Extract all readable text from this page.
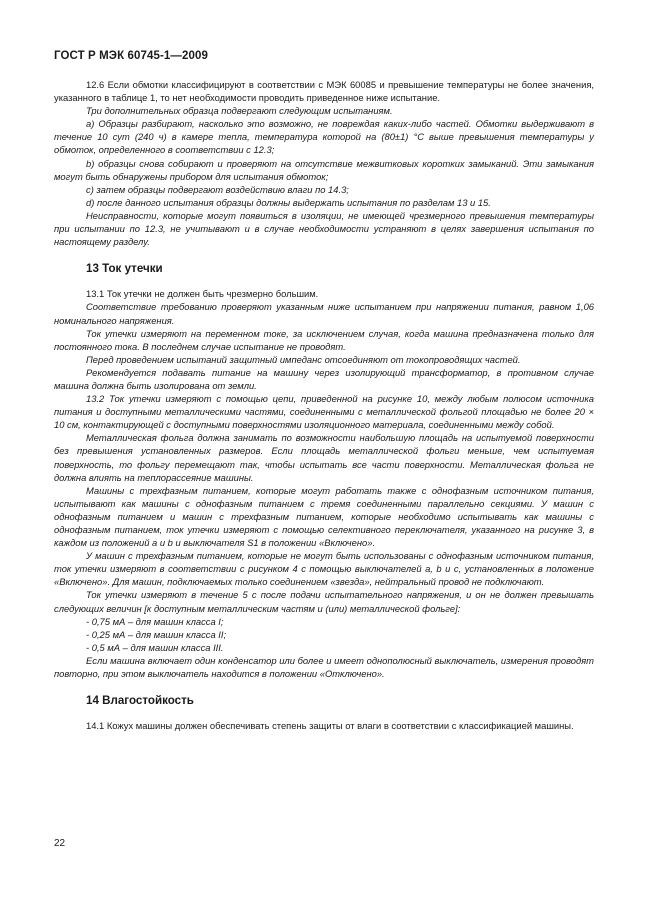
ГОСТ Р МЭК 60745-1—2009

12.6 Если обмотки классифицируют в соответствии с МЭК 60085 и превышение температуры не более значения, указанного в таблице 1, то нет необходимости проводить приведенное ниже испытание.

Три дополнительных образца подвергают следующим испытаниям.

а) Образцы разбирают, насколько это возможно, не повреждая каких-либо частей. Обмотки выдерживают в течение 10 сут (240 ч) в камере тепла, температура которой на (80±1) °С выше превышения температуры у обмоток, определенного в соответствии с 12.3;

b) образцы снова собирают и проверяют на отсутствие межвитковых коротких замыканий. Эти замыкания могут быть обнаружены прибором для испытания обмоток;

с) затем образцы подвергают воздействию влаги по 14.3;

d) после данного испытания образцы должны выдержать испытания по разделам 13 и 15.

Неисправности, которые могут появиться в изоляции, не имеющей чрезмерного превышения температуры при испытании по 12.3, не учитывают и в случае необходимости устраняют в целях завершения испытания по настоящему разделу.

13 Ток утечки

13.1 Ток утечки не должен быть чрезмерно большим.

Соответствие требованию проверяют указанным ниже испытанием при напряжении питания, равном 1,06 номинального напряжения.

Ток утечки измеряют на переменном токе, за исключением случая, когда машина предназначена только для постоянного тока. В последнем случае испытание не проводят.

Перед проведением испытаний защитный импеданс отсоединяют от токопроводящих частей.

Рекомендуется подавать питание на машину через изолирующий трансформатор, в противном случае машина должна быть изолирована от земли.

13.2 Ток утечки измеряют с помощью цепи, приведенной на рисунке 10, между любым полюсом источника питания и доступными металлическими частями, соединенными с металлической фольгой площадью не более 20 × 10 см, контактирующей с доступными поверхностями изоляционного материала, соединенными между собой.

Металлическая фольга должна занимать по возможности наибольшую площадь на испытуемой поверхности без превышения установленных размеров. Если площадь металлической фольги меньше, чем испытуемая поверхность, то фольгу перемещают так, чтобы испытать все части поверхности. Металлическая фольга не должна влиять на теплорассеяние машины.

Машины с трехфазным питанием, которые могут работать также с однофазным источником питания, испытывают как машины с однофазным питанием с тремя соединенными параллельно секциями. У машин с однофазным питанием и машин с трехфазным питанием, которые необходимо испытывать как машины с однофазным питанием, ток утечки измеряют с помощью селективного переключателя, указанного на рисунке 3, в каждом из положений а и b и выключателя S1 в положении «Включено».

У машин с трехфазным питанием, которые не могут быть использованы с однофазным источником питания, ток утечки измеряют в соответствии с рисунком 4 с помощью выключателей а, b и с, установленных в положение «Включено». Для машин, подключаемых только соединением «звезда», нейтральный провод не подключают.

Ток утечки измеряют в течение 5 с после подачи испытательного напряжения, и он не должен превышать следующих величин [к доступным металлическим частям и (или) металлической фольге]:

- 0,75 мА – для машин класса I;

- 0,25 мА – для машин класса II;

- 0,5 мА – для машин класса III.

Если машина включает один конденсатор или более и имеет однополюсный выключатель, измерения проводят повторно, при этом выключатель находится в положении «Отключено».

14 Влагостойкость

14.1 Кожух машины должен обеспечивать степень защиты от влаги в соответствии с классификацией машины.

22
